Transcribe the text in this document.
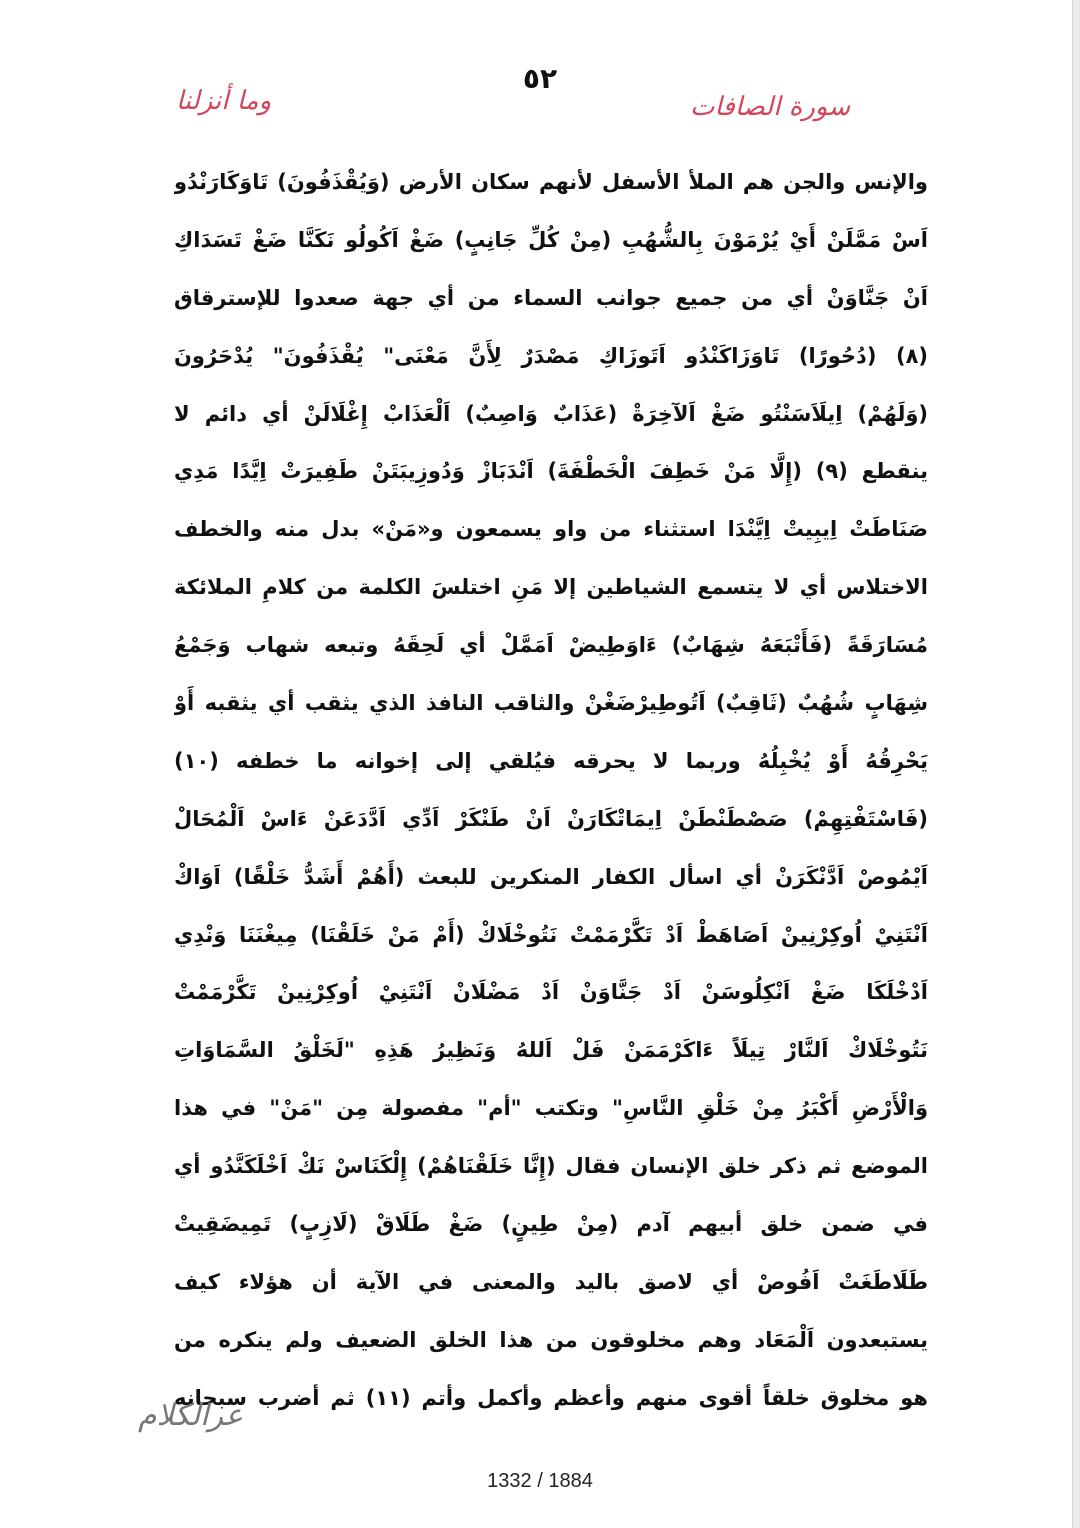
٥٢
وما أنزلنا	سورة الصافات
والإنس والجن هم الملأ الأسفل لأنهم سكان الأرض (وَيُقْذَفُونَ) تَاوَكَارَنْدُو
اَسْ مَمَّلَنْ أَيْ يُرْمَوْنَ بِالشُّهُبِ (مِنْ كُلِّ جَانِبٍ) ضَغْ اَكُولُو نَكَنَّا ضَغْ تَسَدَاكِ
اَنْ جَنَّاوَنْ أي من جميع جوانب السماء من أي جهة صعدوا للإسترقاق
(٨) (دُحُورًا) تَاوَزَاكَنْدُو اَتَوزَاكِ مَصْدَرٌ لِأَنَّ مَعْنَى" يُقْذَفُونَ" يُدْحَرُونَ
(وَلَهُمْ) اِيلَاَسَنْتُو ضَغْ اَلآخِرَةْ (عَذَابٌ وَاصِبٌ) اَلْعَذَابْ إِغْلَالَنْ أي دائم لا
ينقطع (٩) (إِلَّا مَنْ خَطِفَ الْخَطْفَةَ) اَنْدَبَازْ وَدُوزِيبَتَنْ طَفِيرَتْ اِيَّدًا مَدِي
صَنَاطَتْ اِيبِيتْ اِيَّنْدَا استثناء من واو يسمعون و«مَنْ» بدل منه والخطف
الاختلاس أي لا يتسمع الشياطين إلا مَنِ اختلسَ الكلمة من كلامِ الملائكة
مُسَارَقَةً (فَأَتْبَعَهُ شِهَابٌ) ءَاوَطِيضْ اَمَمَّلْ أي لَحِقَهُ وتبعه شهاب وَجَمْعُ
شِهَابٍ شُهُبٌ (ثَاقِبٌ) اَتُوطِيرْضَغْنْ والثاقب النافذ الذي يثقب أي يثقبه أَوْ
يَحْرِقُهُ أَوْ يُخْبِلُهُ وربما لا يحرقه فيُلقي إلى إخوانه ما خطفه (١٠)
(فَاسْتَفْتِهِمْ) صَصْطَنْطَنْ اِيمَاتْكَارَنْ اَنْ طَنْكَرْ اَدِّي اَدَّدَعَنْ ءَاسْ اَلْمُحَالْ
اَيْمُوصْ اَدَّنْكَرَنْ أي اسأل الكفار المنكرين للبعث (أَهُمْ أَشَدُّ خَلْقًا) اَوَاكْ
اَنْتَنِيْ اُوكِرْنِينْ اَصَاهَطْ اَدْ تَكَّرْمَمْتْ نَتُوخْلَاكْ (أَمْ مَنْ خَلَقْنَا) مِيغْنَنَا وَنْدِي
اَدْخْلَكَا ضَغْ اَنْكِلُوسَنْ اَدْ جَنَّاوَنْ اَدْ مَضْلَانْ اَنْتَنِيْ اُوكِرْنِينْ تَكَّرْمَمْتْ
نَتُوخْلَاكْ اَلنَّارْ تِيلَاً ءَاكَرْمَمَنْ فَلْ اَللهُ وَنَظِيرُ هَذِهِ "لَخَلْقُ السَّمَاوَاتِ
وَالْأَرْضِ أَكْبَرُ مِنْ خَلْقِ النَّاسِ" وتكتب "أم" مفصولة مِن "مَنْ" في هذا
الموضع ثم ذكر خلق الإنسان فقال (إِنَّا خَلَقْنَاهُمْ) إِلْكَنَاسْ نَكْ اَخْلَكَنَّدُو أي
في ضمن خلق أبيهم آدم (مِنْ طِينٍ) ضَغْ طَلَاقْ (لَازِبٍ) تَمِيضَقِيتْ
طَلَاطَغَتْ اَفُوصْ أي لاصق باليد والمعنى في الآية أن هؤلاء كيف
يستبعدون اَلْمَعَاد وهم مخلوقون من هذا الخلق الضعيف ولم ينكره من
هو مخلوق خلقاً أقوى منهم وأعظم وأكمل وأتم (١١) ثم أضرب سبحانه
عرالكلام
1332 / 1884
